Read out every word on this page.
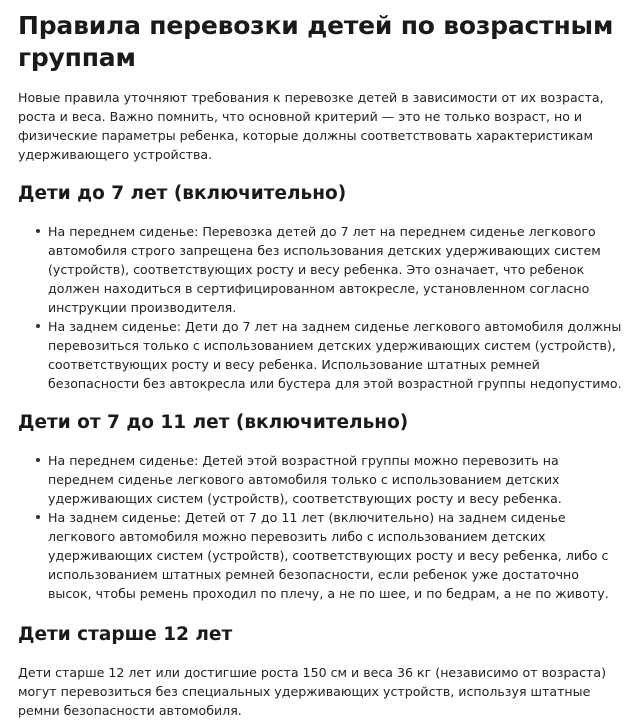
Правила перевозки детей по возрастным группам

Новые правила уточняют требования к перевозке детей в зависимости от их возраста, роста и веса. Важно помнить, что основной критерий — это не только возраст, но и физические параметры ребенка, которые должны соответствовать характеристикам удерживающего устройства.

Дети до 7 лет (включительно)
На переднем сиденье: Перевозка детей до 7 лет на переднем сиденье легкового автомобиля строго запрещена без использования детских удерживающих систем (устройств), соответствующих росту и весу ребенка. Это означает, что ребенок должен находиться в сертифицированном автокресле, установленном согласно инструкции производителя.
На заднем сиденье: Дети до 7 лет на заднем сиденье легкового автомобиля должны перевозиться только с использованием детских удерживающих систем (устройств), соответствующих росту и весу ребенка. Использование штатных ремней безопасности без автокресла или бустера для этой возрастной группы недопустимо.
Дети от 7 до 11 лет (включительно)
На переднем сиденье: Детей этой возрастной группы можно перевозить на переднем сиденье легкового автомобиля только с использованием детских удерживающих систем (устройств), соответствующих росту и весу ребенка.
На заднем сиденье: Детей от 7 до 11 лет (включительно) на заднем сиденье легкового автомобиля можно перевозить либо с использованием детских удерживающих систем (устройств), соответствующих росту и весу ребенка, либо с использованием штатных ремней безопасности, если ребенок уже достаточно высок, чтобы ремень проходил по плечу, а не по шее, и по бедрам, а не по животу.
Дети старше 12 лет

Дети старше 12 лет или достигшие роста 150 см и веса 36 кг (независимо от возраста) могут перевозиться без специальных удерживающих устройств, используя штатные ремни безопасности автомобиля.
